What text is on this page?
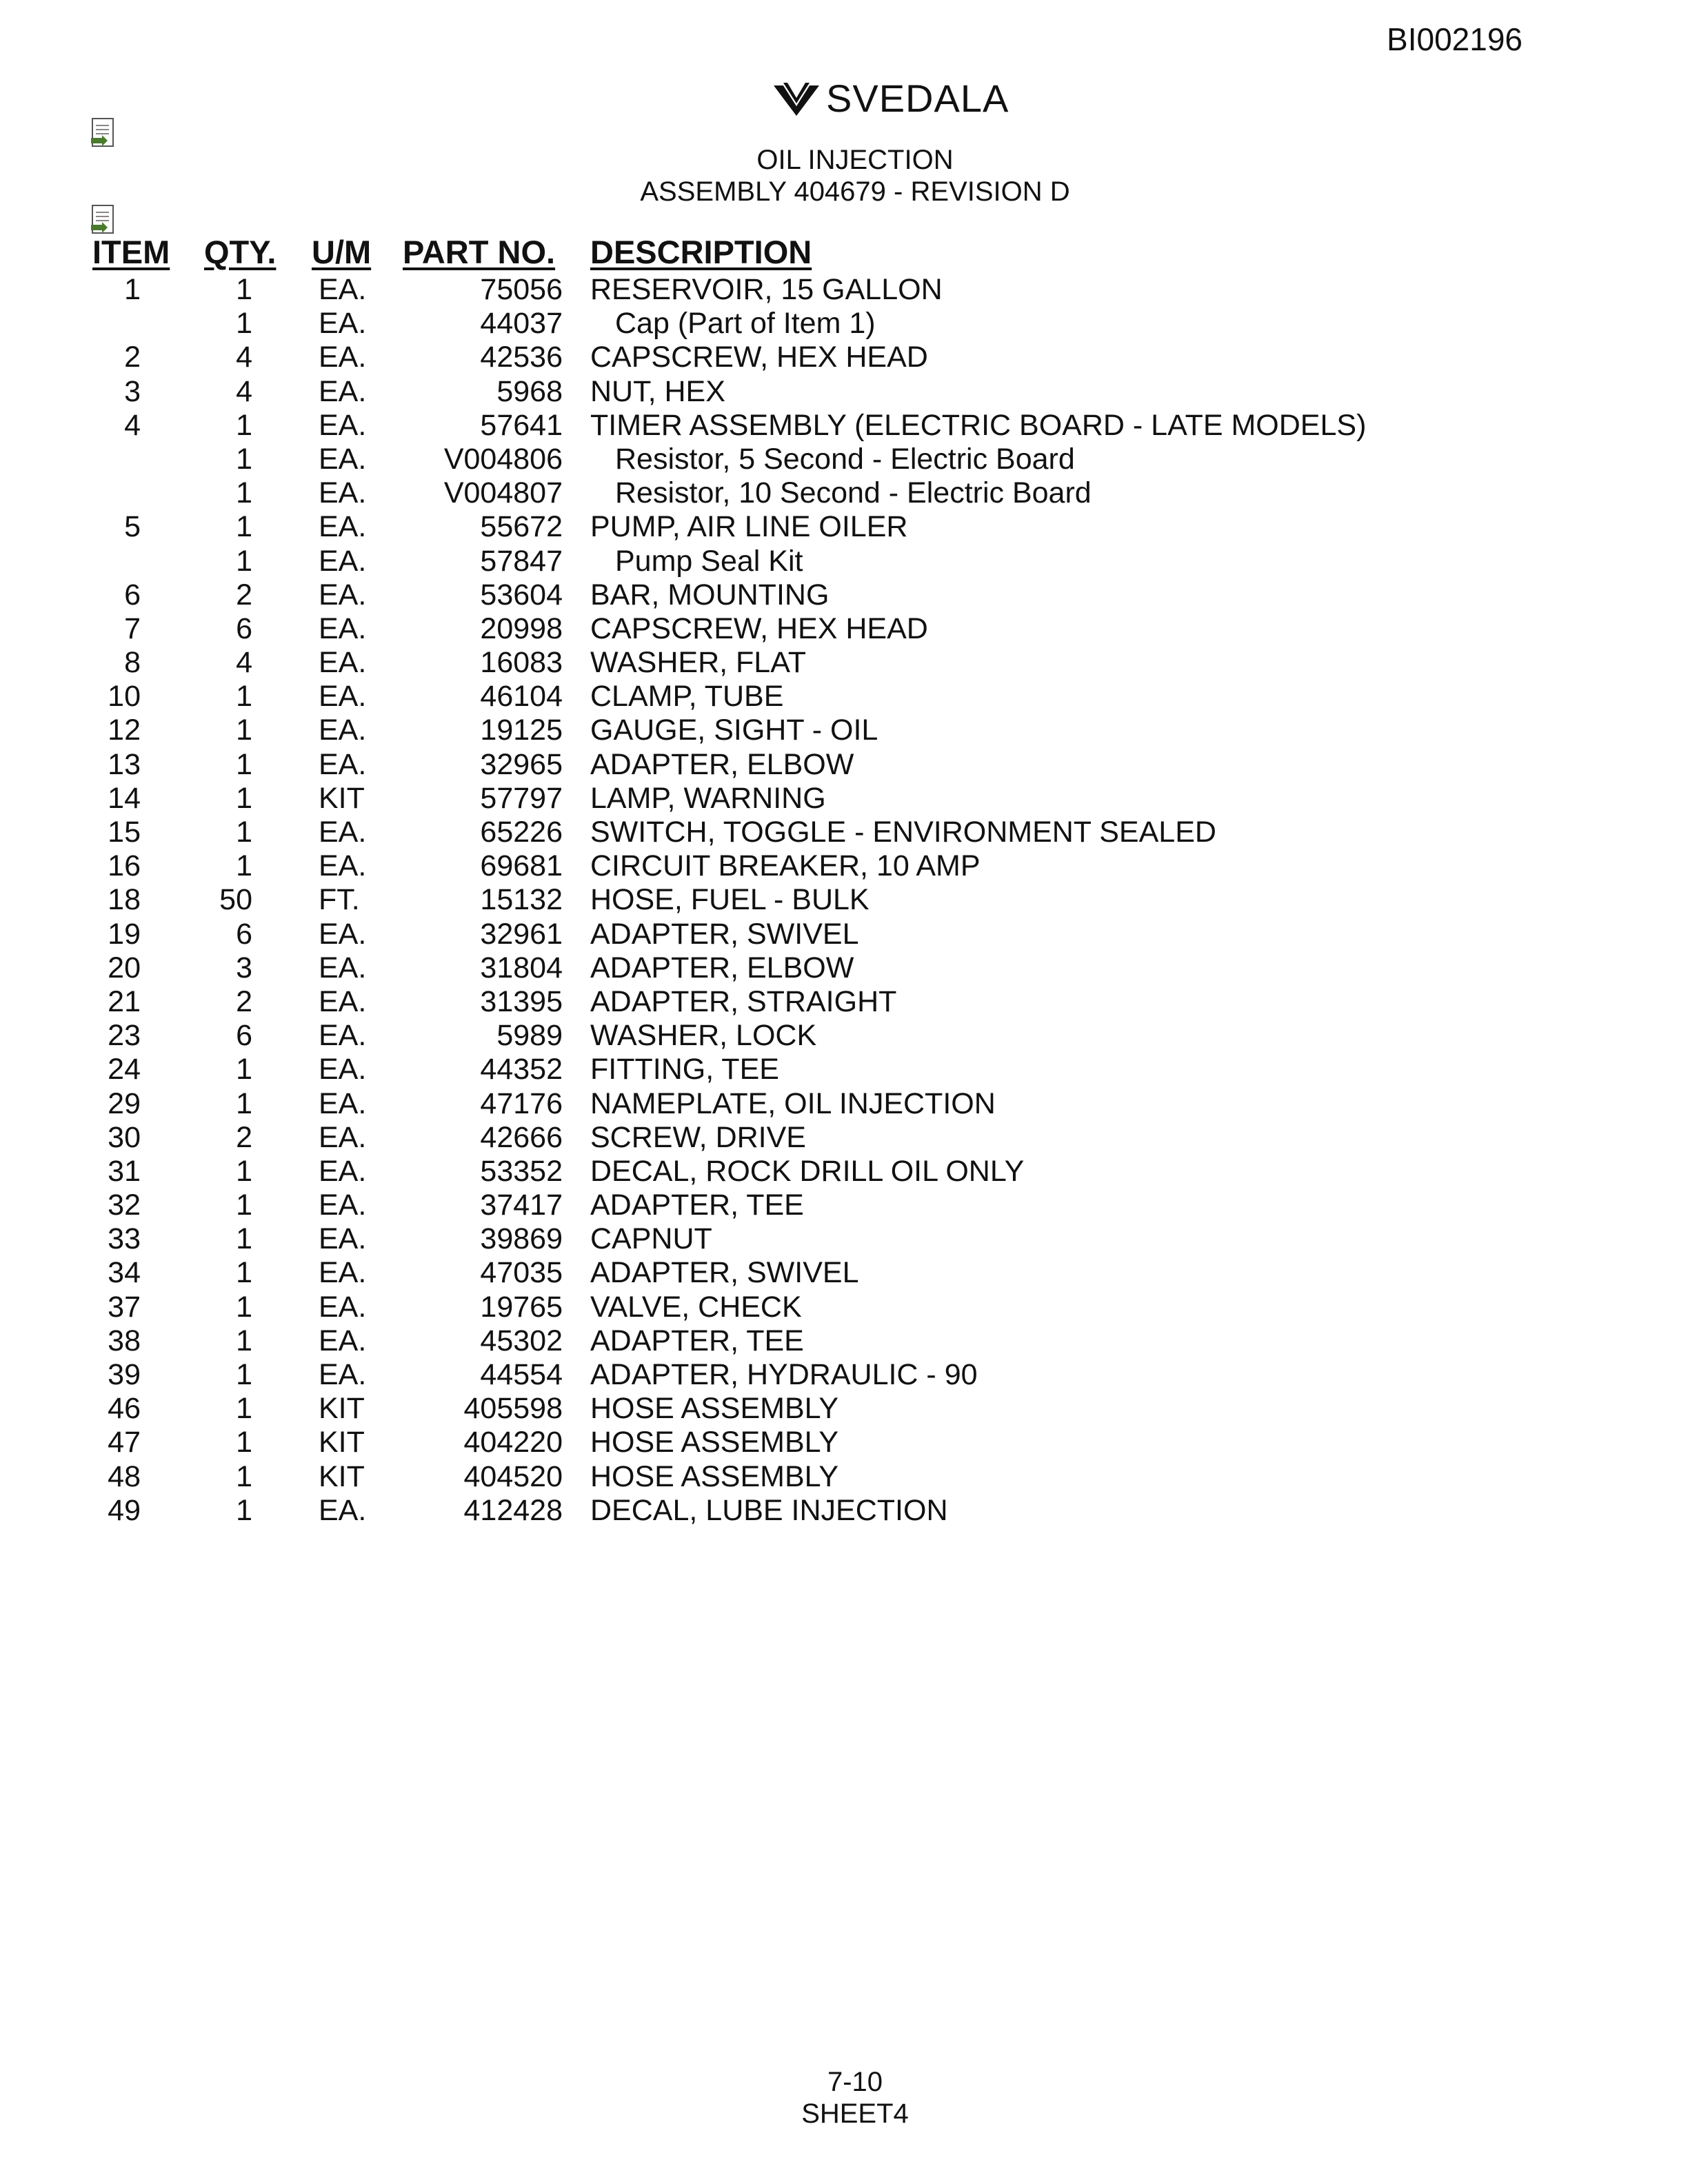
BI002196
SVEDALA
OIL INJECTION
ASSEMBLY 404679 - REVISION D
ITEM QTY. U/M PART NO. DESCRIPTION
1	1 EA.	75056 RESERVOIR, 15 GALLON
1 EA.	44037 Cap (Part of Item 1)
2	4 EA.	42536 CAPSCREW, HEX HEAD
3	4 EA.	5968 NUT, HEX
4	1 EA.	57641 TIMER ASSEMBLY (ELECTRIC BOARD - LATE MODELS)
1 EA.	V004806 Resistor, 5 Second - Electric Board
1 EA.	V004807 Resistor, 10 Second - Electric Board
5	1 EA.	55672 PUMP, AIR LINE OILER
1 EA.	57847 Pump Seal Kit
6	2 EA.	53604 BAR, MOUNTING
7	6 EA.	20998 CAPSCREW, HEX HEAD
8	4 EA.	16083 WASHER, FLAT
10	1 EA.	46104 CLAMP, TUBE
12	1 EA.	19125 GAUGE, SIGHT - OIL
13	1 EA.	32965 ADAPTER, ELBOW
14	1 KIT	57797 LAMP, WARNING
15	1 EA.	65226 SWITCH, TOGGLE - ENVIRONMENT SEALED
16	1 EA.	69681 CIRCUIT BREAKER, 10 AMP
18	50 FT.	15132 HOSE, FUEL - BULK
19	6 EA.	32961 ADAPTER, SWIVEL
20	3 EA.	31804 ADAPTER, ELBOW
21	2 EA.	31395 ADAPTER, STRAIGHT
23	6 EA.	5989 WASHER, LOCK
24	1 EA.	44352 FITTING, TEE
29	1 EA.	47176 NAMEPLATE, OIL INJECTION
30	2 EA.	42666 SCREW, DRIVE
31	1 EA.	53352 DECAL, ROCK DRILL OIL ONLY
32	1 EA.	37417 ADAPTER, TEE
33	1 EA.	39869 CAPNUT
34	1 EA.	47035 ADAPTER, SWIVEL
37	1 EA.	19765 VALVE, CHECK
38	1 EA.	45302 ADAPTER, TEE
39	1 EA.	44554 ADAPTER, HYDRAULIC - 90
46	1 KIT	405598 HOSE ASSEMBLY
47	1 KIT	404220 HOSE ASSEMBLY
48	1 KIT	404520 HOSE ASSEMBLY
49	1 EA.	412428 DECAL, LUBE INJECTION
7-10
SHEET4
